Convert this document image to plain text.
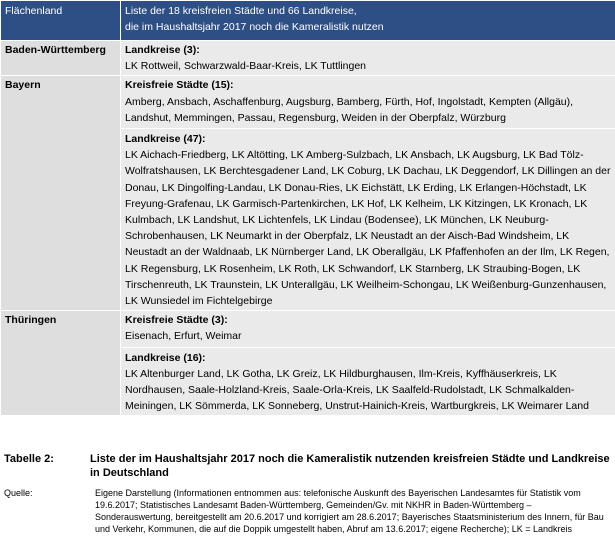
Flächenland	Liste der 18 kreisfreien Städte und 66 Landkreise,
die im Haushaltsjahr 2017 noch die Kameralistik nutzen

Baden-Württemberg	Landkreise (3):
LK Rottweil, Schwarzwald-Baar-Kreis, LK Tuttlingen

Bayern	Kreisfreie Städte (15):
Amberg, Ansbach, Aschaffenburg, Augsburg, Bamberg, Fürth, Hof, Ingolstadt, Kempten (Allgäu), Landshut, Memmingen, Passau, Regensburg, Weiden in der Oberpfalz, Würzburg
Landkreise (47):
LK Aichach-Friedberg, LK Altötting, LK Amberg-Sulzbach, LK Ansbach, LK Augsburg, LK Bad Tölz-Wolfratshausen, LK Berchtesgadener Land, LK Coburg, LK Dachau, LK Deggendorf, LK Dillingen an der Donau, LK Dingolfing-Landau, LK Donau-Ries, LK Eichstätt, LK Erding, LK Erlangen-Höchstadt, LK Freyung-Grafenau, LK Garmisch-Partenkirchen, LK Hof, LK Kelheim, LK Kitzingen, LK Kronach, LK Kulmbach, LK Landshut, LK Lichtenfels, LK Lindau (Bodensee), LK München, LK Neuburg-Schrobenhausen, LK Neumarkt in der Oberpfalz, LK Neustadt an der Aisch-Bad Windsheim, LK Neustadt an der Waldnaab, LK Nürnberger Land, LK Oberallgäu, LK Pfaffenhofen an der Ilm, LK Regen, LK Regensburg, LK Rosenheim, LK Roth, LK Schwandorf, LK Starnberg, LK Straubing-Bogen, LK Tirschenreuth, LK Traunstein, LK Unterallgäu, LK Weilheim-Schongau, LK Weißenburg-Gunzenhausen, LK Wunsiedel im Fichtelgebirge

Thüringen	Kreisfreie Städte (3):
Eisenach, Erfurt, Weimar
Landkreise (16):
LK Altenburger Land, LK Gotha, LK Greiz, LK Hildburghausen, Ilm-Kreis, Kyffhäuserkreis, LK Nordhausen, Saale-Holzland-Kreis, Saale-Orla-Kreis, LK Saalfeld-Rudolstadt, LK Schmalkalden-Meiningen, LK Sömmerda, LK Sonneberg, Unstrut-Hainich-Kreis, Wartburgkreis, LK Weimarer Land
Tabelle 2:	Liste der im Haushaltsjahr 2017 noch die Kameralistik nutzenden kreisfreien Städte und Landkreise in Deutschland
Quelle:	Eigene Darstellung (Informationen entnommen aus: telefonische Auskunft des Bayerischen Landesamtes für Statistik vom 19.6.2017; Statistisches Landesamt Baden-Württemberg, Gemeinden/Gv. mit NKHR in Baden-Württemberg – Sonderauswertung, bereitgestellt am 20.6.2017 und korrigiert am 28.6.2017; Bayerisches Staatsministerium des Innern, für Bau und Verkehr, Kommunen, die auf die Doppik umgestellt haben, Abruf am 13.6.2017; eigene Recherche); LK = Landkreis
